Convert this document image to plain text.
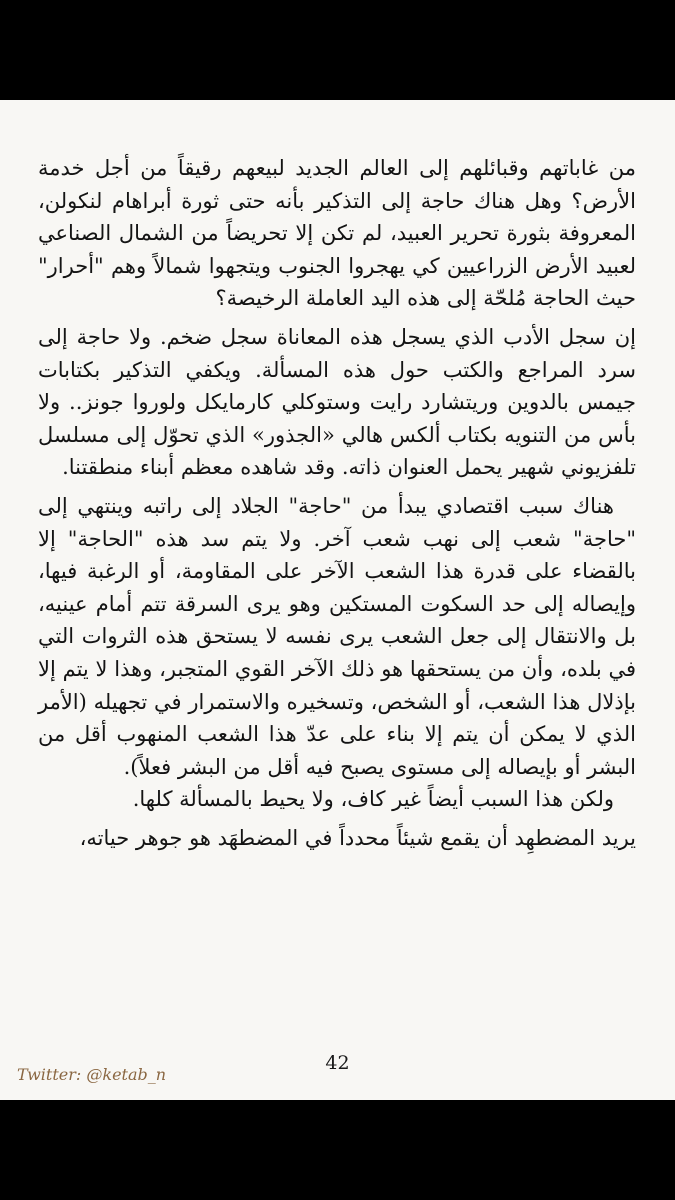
من غاباتهم وقبائلهم إلى العالم الجديد لبيعهم رقيقاً من أجل خدمة الأرض؟ وهل هناك حاجة إلى التذكير بأنه حتى ثورة أبراهام لنكولن، المعروفة بثورة تحرير العبيد، لم تكن إلا تحريضاً من الشمال الصناعي لعبيد الأرض الزراعيين كي يهجروا الجنوب ويتجهوا شمالاً وهم "أحرار" حيث الحاجة مُلحّة إلى هذه اليد العاملة الرخيصة؟

إن سجل الأدب الذي يسجل هذه المعاناة سجل ضخم. ولا حاجة إلى سرد المراجع والكتب حول هذه المسألة. ويكفي التذكير بكتابات جيمس بالدوين وريتشارد رايت وستوكلي كارمايكل ولوروا جونز.. ولا بأس من التنويه بكتاب ألكس هالي «الجذور» الذي تحوّل إلى مسلسل تلفزيوني شهير يحمل العنوان ذاته. وقد شاهده معظم أبناء منطقتنا.

هناك سبب اقتصادي يبدأ من "حاجة" الجلاد إلى راتبه وينتهي إلى "حاجة" شعب إلى نهب شعب آخر. ولا يتم سد هذه "الحاجة" إلا بالقضاء على قدرة هذا الشعب الآخر على المقاومة، أو الرغبة فيها، وإيصاله إلى حد السكوت المستكين وهو يرى السرقة تتم أمام عينيه، بل والانتقال إلى جعل الشعب يرى نفسه لا يستحق هذه الثروات التي في بلده، وأن من يستحقها هو ذلك الآخر القوي المتجبر، وهذا لا يتم إلا بإذلال هذا الشعب، أو الشخص، وتسخيره والاستمرار في تجهيله (الأمر الذي لا يمكن أن يتم إلا بناء على عدّ هذا الشعب المنهوب أقل من البشر أو بإيصاله إلى مستوى يصبح فيه أقل من البشر فعلاً).

ولكن هذا السبب أيضاً غير كاف، ولا يحيط بالمسألة كلها.

يريد المضطهِد أن يقمع شيئاً محدداً في المضطهَد هو جوهر حياته،

42
Twitter: @ketab_n
